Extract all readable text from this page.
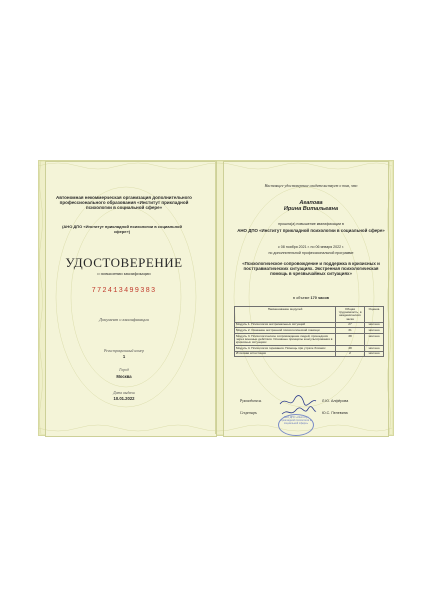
Автономная некоммерческая организация дополнительного профессионального образования «Институт прикладной психологии в социальной сфере»
(АНО ДПО «Институт прикладной психологии в социальной сфере»)
УДОСТОВЕРЕНИЕ
о повышении квалификации
772413499383
Документ о квалификации
Регистрационный номер
1
Город
Москва
Дата выдачи
10.01.2022
Настоящее удостоверение свидетельствует о том, что
Агапова
Ирина Витальевна
прошла(а) повышение квалификации в
АНО ДПО «Институт прикладной психологии в социальной сфере»
с 08 ноября 2021 г. по 06 января 2022 г.
по дополнительной профессиональной программе
«Психологическое сопровождение и поддержка в кризисных и посттравматических ситуациях. Экстренная психологическая помощь в чрезвычайных ситуациях»
в объеме 170 часов
Наименование модулей	Общая трудоемкость, в академических часах	Оценка
Модуль 1. Психология экстремальных ситуаций	27	зачтено
Модуль 2. Оказание экстренной психологической помощи	31	зачтено
Модуль 3. Психологическое сопровождение людей, прошедших через военные действия. Основные принципы консультирования в кризисных ситуациях	38	зачтено
Модуль 4. Психология горевания. Помощь при утрате близких	48	зачтено
Итоговая аттестация	2	зачтено
Руководитель	Л.Ю. Алфёрова
Секретарь	Ю.С. Пелевина
АНО ДПО «Институт прикладной психологии в социальной сфере»
